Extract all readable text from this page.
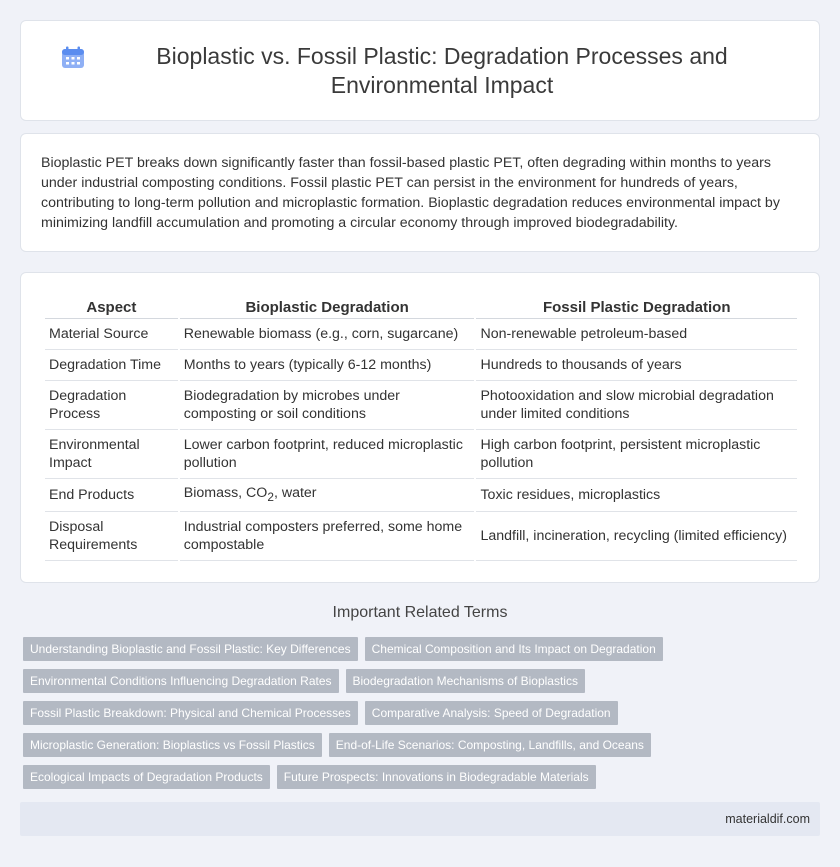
Bioplastic vs. Fossil Plastic: Degradation Processes and Environmental Impact

Bioplastic PET breaks down significantly faster than fossil-based plastic PET, often degrading within months to years under industrial composting conditions. Fossil plastic PET can persist in the environment for hundreds of years, contributing to long-term pollution and microplastic formation. Bioplastic degradation reduces environmental impact by minimizing landfill accumulation and promoting a circular economy through improved biodegradability.

Aspect	Bioplastic Degradation	Fossil Plastic Degradation
Material Source	Renewable biomass (e.g., corn, sugarcane)	Non-renewable petroleum-based
Degradation Time	Months to years (typically 6-12 months)	Hundreds to thousands of years
Degradation Process	Biodegradation by microbes under composting or soil conditions	Photooxidation and slow microbial degradation under limited conditions
Environmental Impact	Lower carbon footprint, reduced microplastic pollution	High carbon footprint, persistent microplastic pollution
End Products	Biomass, $CO_2$, water	Toxic residues, microplastics
Disposal Requirements	Industrial composters preferred, some home compostable	Landfill, incineration, recycling (limited efficiency)
Important Related Terms
Understanding Bioplastic and Fossil Plastic: Key Differences	Chemical Composition and Its Impact on Degradation
Environmental Conditions Influencing Degradation Rates	Biodegradation Mechanisms of Bioplastics
Fossil Plastic Breakdown: Physical and Chemical Processes	Comparative Analysis: Speed of Degradation
Microplastic Generation: Bioplastics vs Fossil Plastics	End-of-Life Scenarios: Composting, Landfills, and Oceans
Ecological Impacts of Degradation Products	Future Prospects: Innovations in Biodegradable Materials
materialdif.com
